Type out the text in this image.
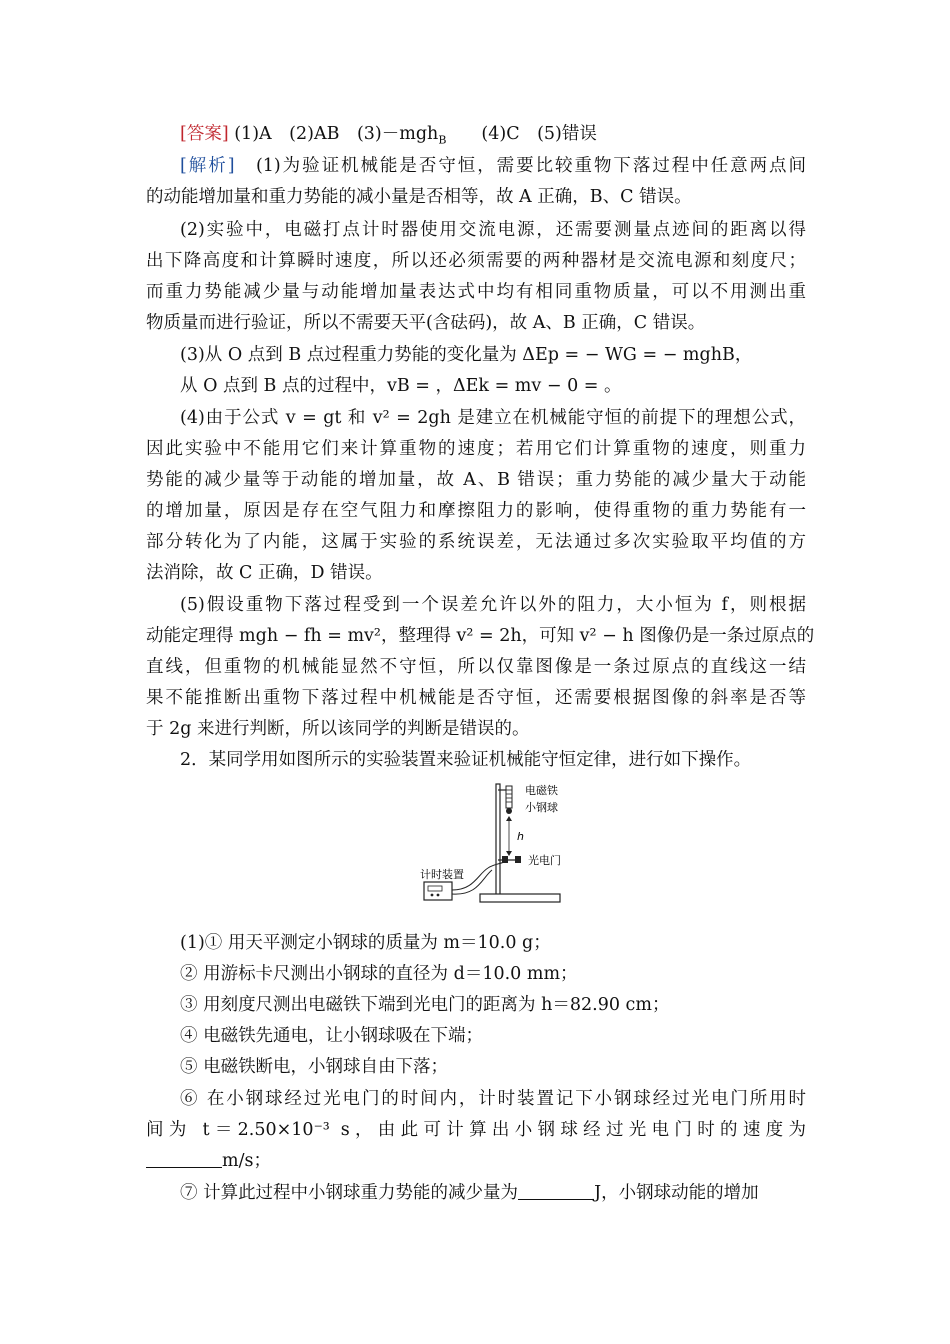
[答案] (1)A　(2)AB　(3)－mgh$_B$　　(4)C　(5)错误
[解析]　(1)为验证机械能是否守恒，需要比较重物下落过程中任意两点间
的动能增加量和重力势能的减小量是否相等，故 A 正确，B、C 错误。
(2)实验中，电磁打点计时器使用交流电源，还需要测量点迹间的距离以得
出下降高度和计算瞬时速度，所以还必须需要的两种器材是交流电源和刻度尺；
而重力势能减少量与动能增加量表达式中均有相同重物质量，可以不用测出重
物质量而进行验证，所以不需要天平(含砝码)，故 A、B 正确，C 错误。
(3)从 O 点到 B 点过程重力势能的变化量为 ΔEp = − WG = − mghB，
从 O 点到 B 点的过程中，vB = ，ΔEk = mv − 0 = 。
(4)由于公式 v = gt 和 v² = 2gh 是建立在机械能守恒的前提下的理想公式，
因此实验中不能用它们来计算重物的速度；若用它们计算重物的速度，则重力
势能的减少量等于动能的增加量，故 A、B 错误；重力势能的减少量大于动能
的增加量，原因是存在空气阻力和摩擦阻力的影响，使得重物的重力势能有一
部分转化为了内能，这属于实验的系统误差，无法通过多次实验取平均值的方
法消除，故 C 正确，D 错误。
(5)假设重物下落过程受到一个误差允许以外的阻力，大小恒为 f，则根据
动能定理得 mgh − fh = mv²，整理得 v² = 2h，可知 v² − h 图像仍是一条过原点的
直线，但重物的机械能显然不守恒，所以仅靠图像是一条过原点的直线这一结
果不能推断出重物下落过程中机械能是否守恒，还需要根据图像的斜率是否等
于 2g 来进行判断，所以该同学的判断是错误的。
2．某同学用如图所示的实验装置来验证机械能守恒定律，进行如下操作。
h
电磁铁
小钢球
光电门
计时装置
(1)① 用天平测定小钢球的质量为 m＝10.0 g；
② 用游标卡尺测出小钢球的直径为 d＝10.0 mm；
③ 用刻度尺测出电磁铁下端到光电门的距离为 h＝82.90 cm；
④ 电磁铁先通电，让小钢球吸在下端；
⑤ 电磁铁断电，小钢球自由下落；
⑥ 在小钢球经过光电门的时间内，计时装置记下小钢球经过光电门所用时
间为 t＝2.50×10⁻³ s，由此可计算出小钢球经过光电门时的速度为
m/s；
⑦ 计算此过程中小钢球重力势能的减少量为	J，小钢球动能的增加
